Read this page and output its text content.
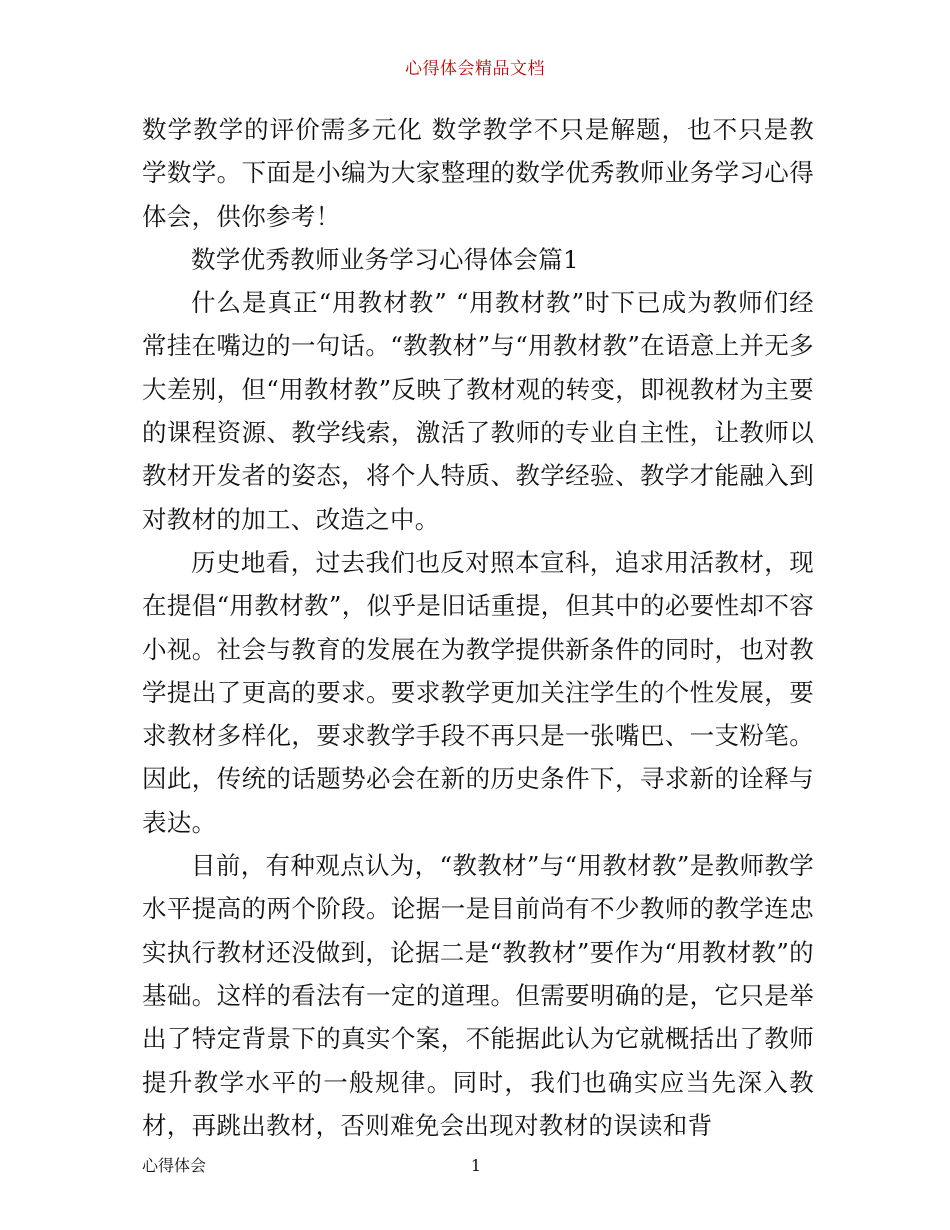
心得体会精品文档

数学教学的评价需多元化 数学教学不只是解题，也不只是教学数学。下面是小编为大家整理的数学优秀教师业务学习心得体会，供你参考！

数学优秀教师业务学习心得体会篇1

什么是真正“用教材教” “用教材教”时下已成为教师们经常挂在嘴边的一句话。“教教材”与“用教材教”在语意上并无多大差别，但“用教材教”反映了教材观的转变，即视教材为主要的课程资源、教学线索，激活了教师的专业自主性，让教师以教材开发者的姿态，将个人特质、教学经验、教学才能融入到对教材的加工、改造之中。

历史地看，过去我们也反对照本宣科，追求用活教材，现在提倡“用教材教”，似乎是旧话重提，但其中的必要性却不容小视。社会与教育的发展在为教学提供新条件的同时，也对教学提出了更高的要求。要求教学更加关注学生的个性发展，要求教材多样化，要求教学手段不再只是一张嘴巴、一支粉笔。因此，传统的话题势必会在新的历史条件下，寻求新的诠释与表达。

目前，有种观点认为，“教教材”与“用教材教”是教师教学水平提高的两个阶段。论据一是目前尚有不少教师的教学连忠实执行教材还没做到，论据二是“教教材”要作为“用教材教”的基础。这样的看法有一定的道理。但需要明确的是，它只是举出了特定背景下的真实个案，不能据此认为它就概括出了教师提升教学水平的一般规律。同时，我们也确实应当先深入教材，再跳出教材，否则难免会出现对教材的误读和背

心得体会	1
